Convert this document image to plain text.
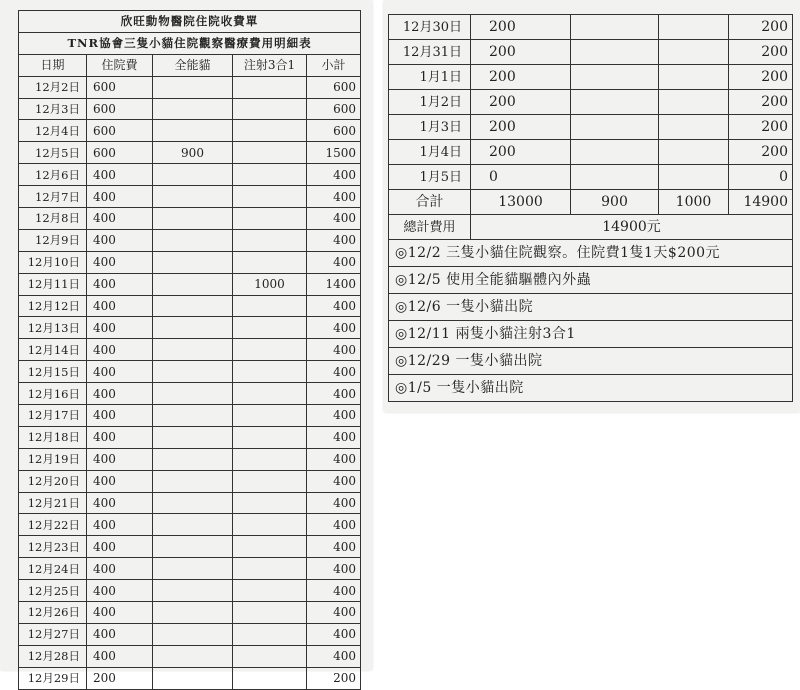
欣旺動物醫院住院收費單				
TNR協會三隻小貓住院觀察醫療費用明細表				
日期	住院費	全能貓	注射3合1	小計
12月2日	600			600
12月3日	600			600
12月4日	600			600
12月5日	600	900		1500
12月6日	400			400
12月7日	400			400
12月8日	400			400
12月9日	400			400
12月10日	400			400
12月11日	400		1000	1400
12月12日	400			400
12月13日	400			400
12月14日	400			400
12月15日	400			400
12月16日	400			400
12月17日	400			400
12月18日	400			400
12月19日	400			400
12月20日	400			400
12月21日	400			400
12月22日	400			400
12月23日	400			400
12月24日	400			400
12月25日	400			400
12月26日	400			400
12月27日	400			400
12月28日	400			400
12月29日	200			200
12月30日	200			200
12月31日	200			200
1月1日	200			200
1月2日	200			200
1月3日	200			200
1月4日	200			200
1月5日	0			0
合計	13000	900	1000	14900
總計費用	14900元			
◎12/2 三隻小貓住院觀察。住院費1隻1天$200元				
◎12/5 使用全能貓驅體內外蟲				
◎12/6 一隻小貓出院				
◎12/11 兩隻小貓注射3合1				
◎12/29 一隻小貓出院				
◎1/5 一隻小貓出院				
